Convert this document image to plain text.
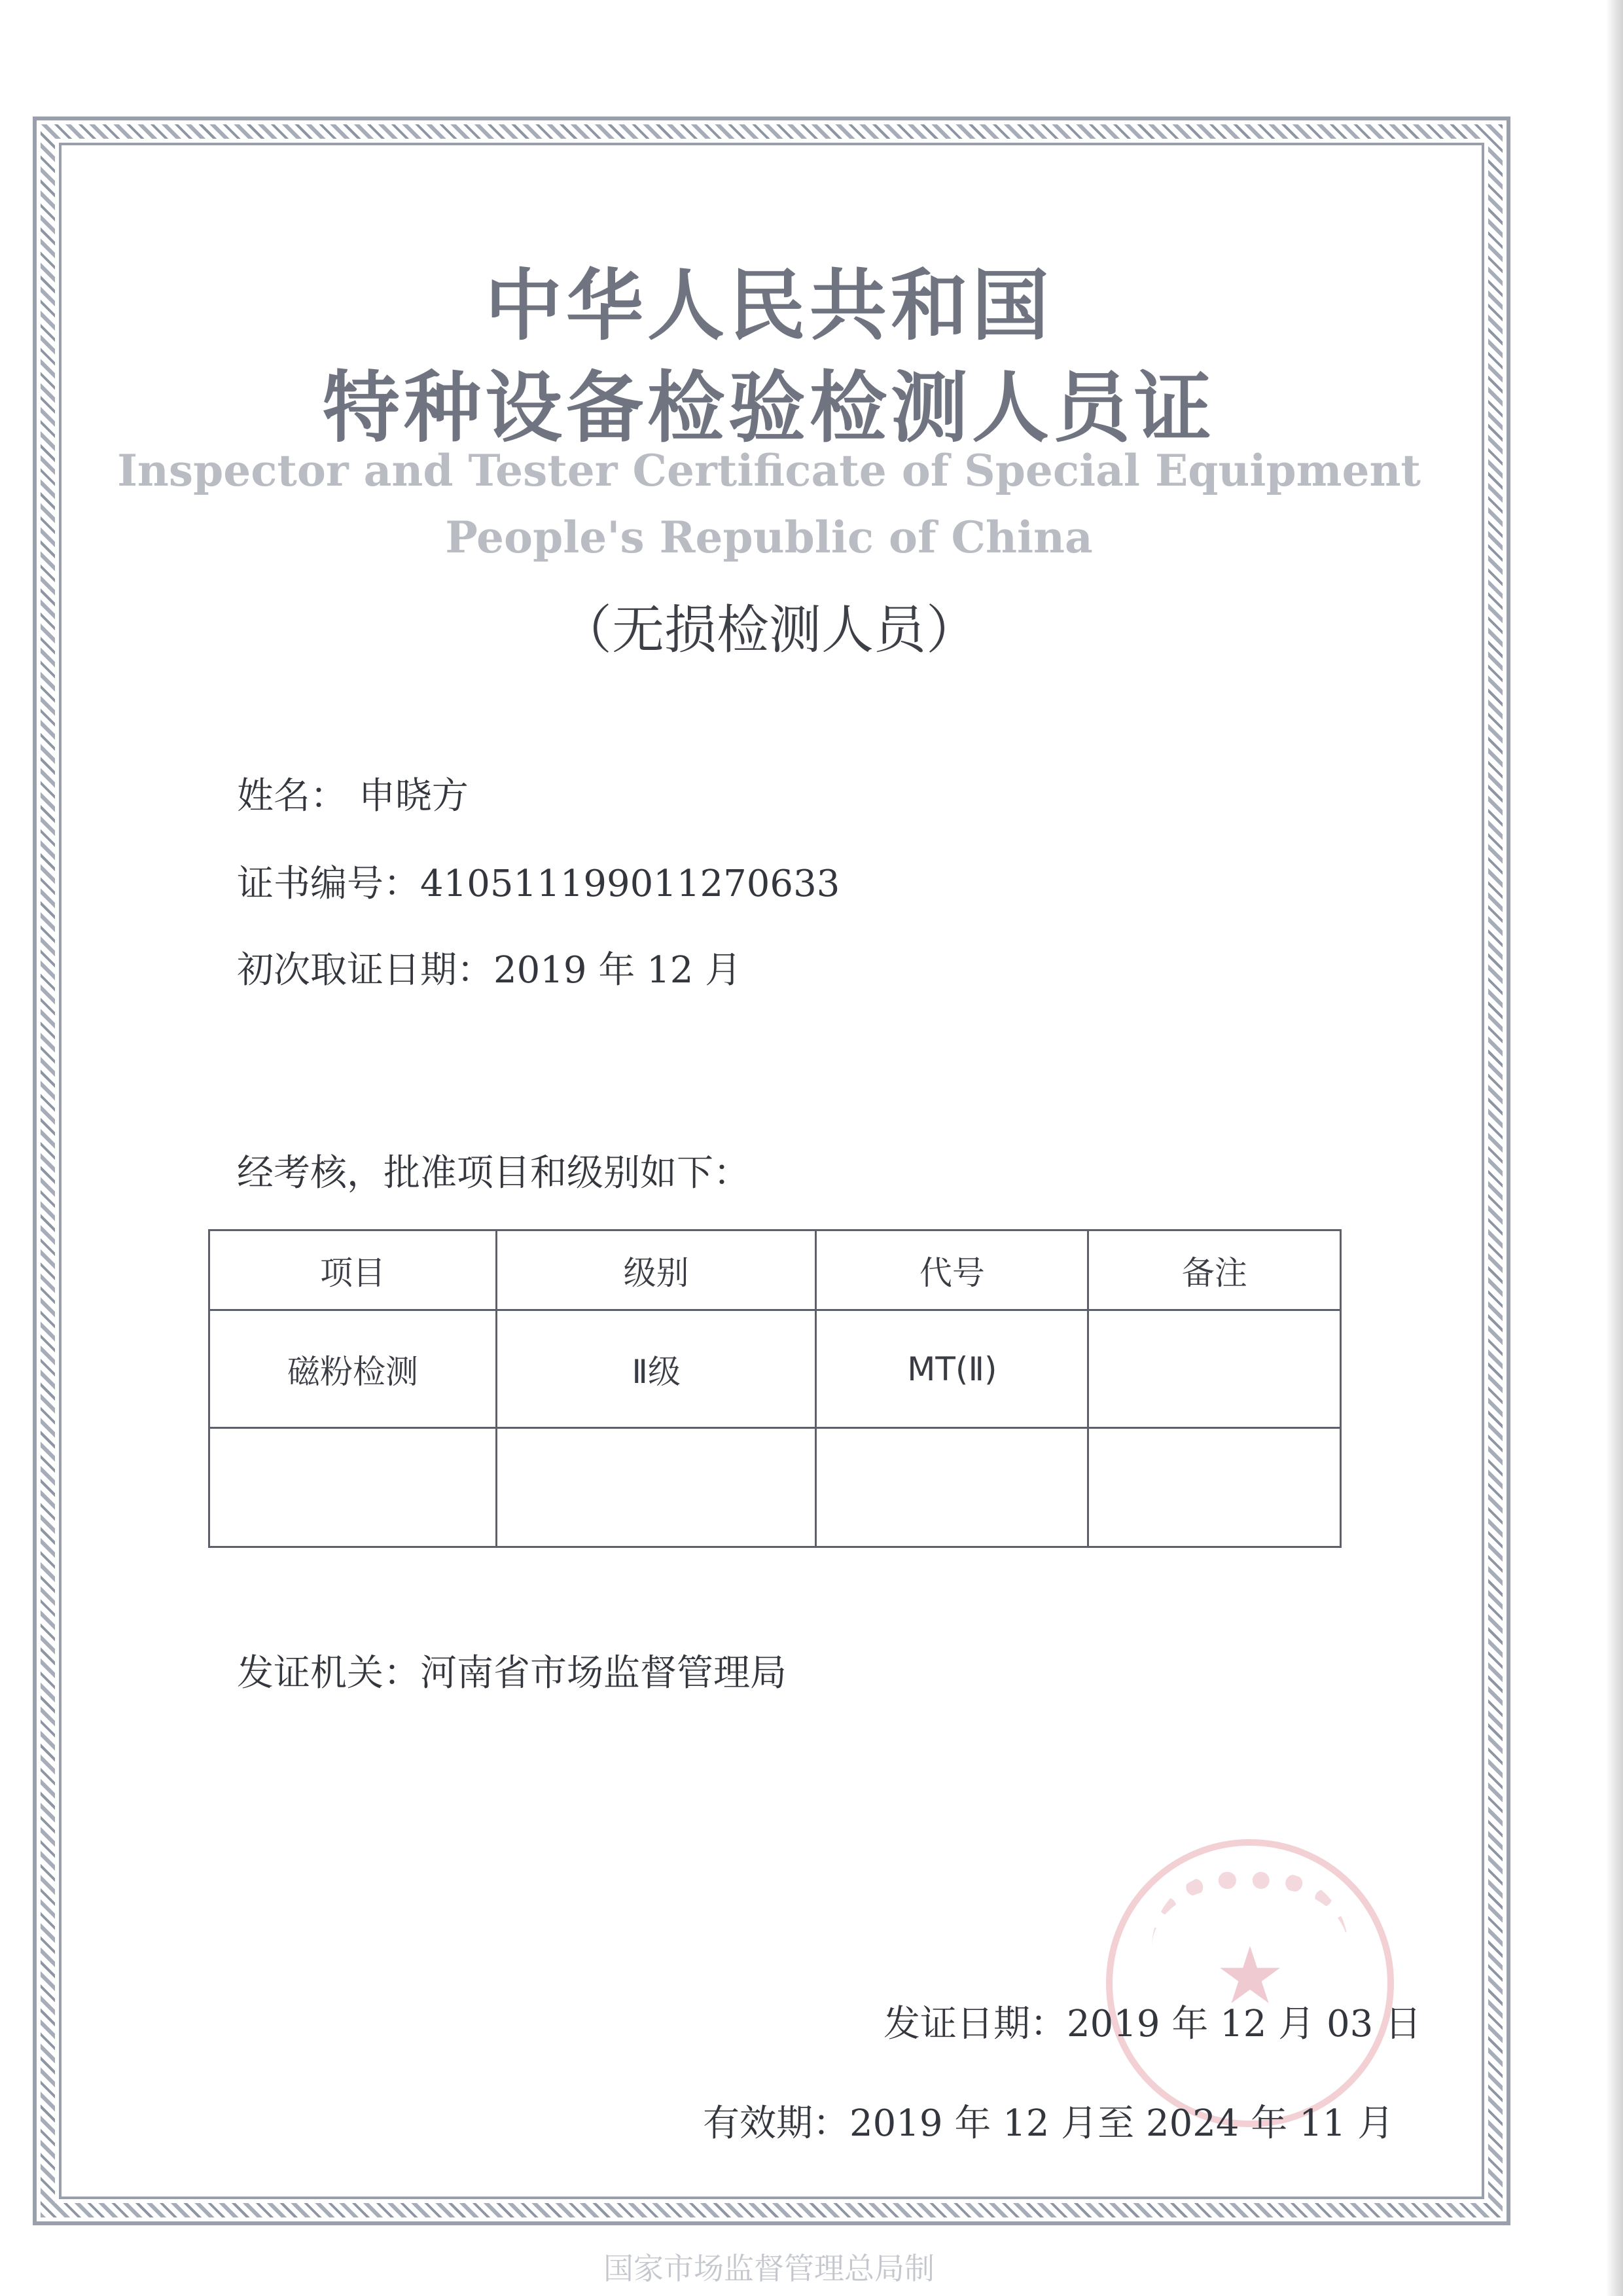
中华人民共和国
特种设备检验检测人员证
Inspector and Tester Certificate of Special Equipment
People's Republic of China
（无损检测人员）
姓名： 申晓方
证书编号：410511199011270633
初次取证日期：2019 年 12 月
经考核，批准项目和级别如下：
项目	级别	代号	备注
磁粉检测	Ⅱ级	MT(Ⅱ)	

发证机关：河南省市场监督管理局
★
发证日期：2019 年 12 月 03 日
有效期：2019 年 12 月至 2024 年 11 月
国家市场监督管理总局制
